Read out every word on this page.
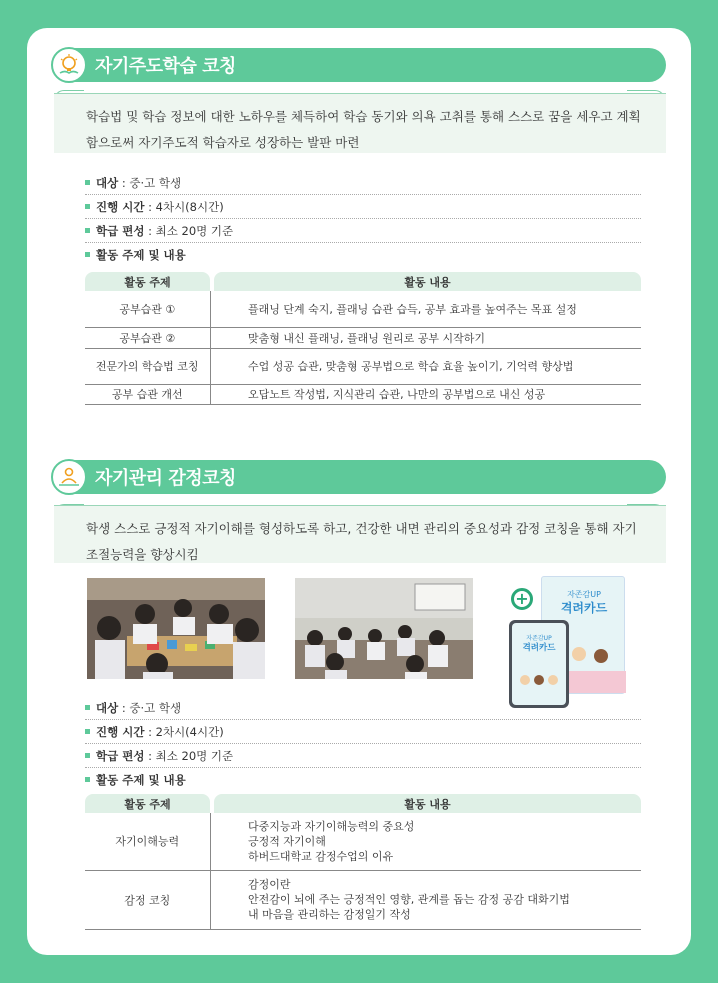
자기주도학습 코칭
학습법 및 학습 정보에 대한 노하우를 체득하여 학습 동기와 의욕 고취를 통해 스스로 꿈을 세우고 계획
함으로써 자기주도적 학습자로 성장하는 발판 마련
대상 : 중·고 학생
진행 시간 : 4차시(8시간)
학급 편성 : 최소 20명 기준
활동 주제 및 내용
활동 주제		활동 내용
공부습관 ①		플래닝 단계 숙지, 플래닝 습관 습득, 공부 효과를 높여주는 목표 설정
공부습관 ②		맞춤형 내신 플래닝, 플래닝 원리로 공부 시작하기
전문가의 학습법 코칭		수업 성공 습관, 맞춤형 공부법으로 학습 효율 높이기, 기억력 향상법
공부 습관 개선		오답노트 작성법, 지식관리 습관, 나만의 공부법으로 내신 성공
자기관리 감정코칭
학생 스스로 긍정적 자기이해를 형성하도록 하고, 건강한 내면 관리의 중요성과 감정 코칭을 통해 자기
조절능력을 향상시킴
자존감UP
격려카드
+
자존감UP
격려카드
대상 : 중·고 학생
진행 시간 : 2차시(4시간)
학급 편성 : 최소 20명 기준
활동 주제 및 내용
활동 주제		활동 내용
자기이해능력		다중지능과 자기이해능력의 중요성
긍정적 자기이해
하버드대학교 감정수업의 이유

감정 코칭		감정이란
안전감이 뇌에 주는 긍정적인 영향, 관계를 돕는 감정 공감 대화기법
내 마음을 관리하는 감정일기 작성
